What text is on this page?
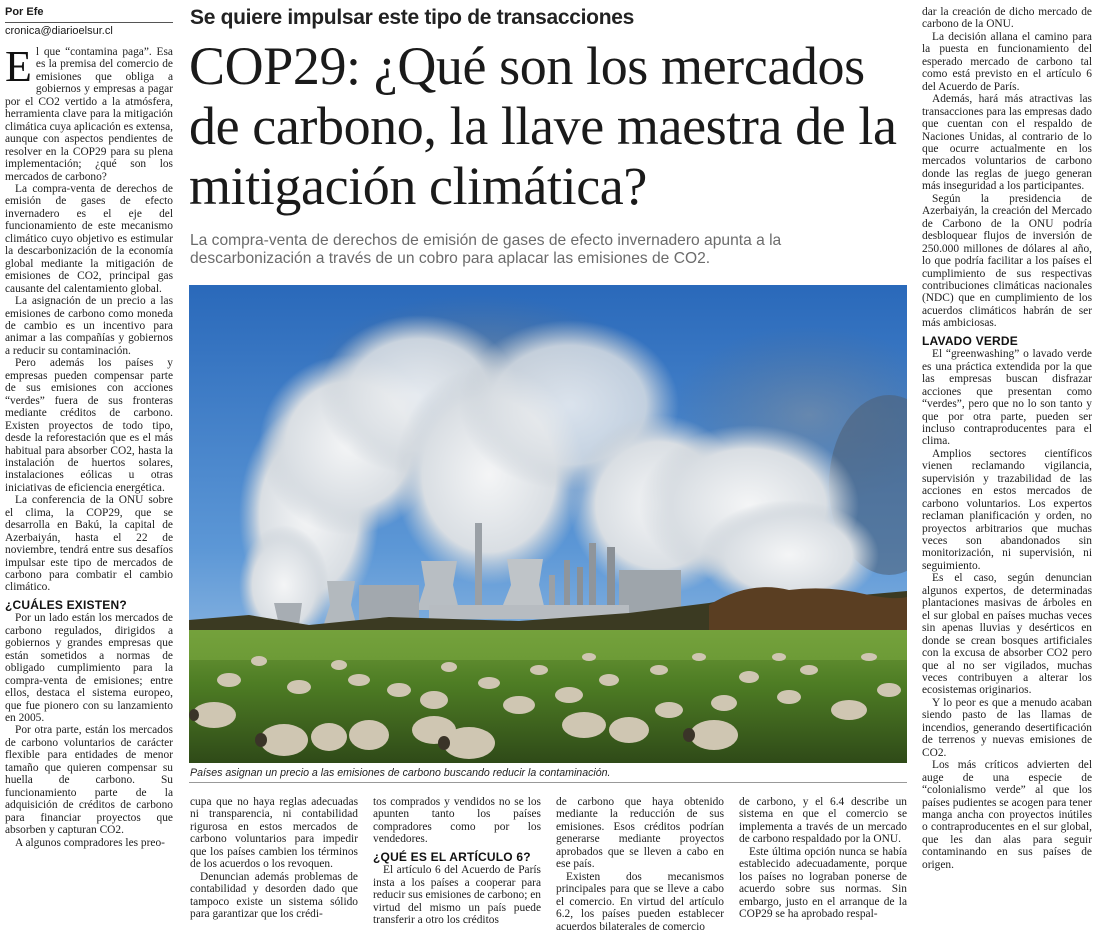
Por Efe
cronica@diarioelsur.cl

El que “contamina paga”. Esa es la premisa del comercio de emisiones que obliga a gobiernos y empresas a pagar por el CO2 vertido a la atmósfera, herramienta clave para la mitigación climática cuya aplicación es extensa, aunque con aspectos pendientes de resolver en la COP29 para su plena implementación; ¿qué son los mercados de carbono?

La compra-venta de derechos de emisión de gases de efecto invernadero es el eje del funcionamiento de este mecanismo climático cuyo objetivo es estimular la descarbonización de la economía global mediante la mitigación de emisiones de CO2, principal gas causante del calentamiento global.

La asignación de un precio a las emisiones de carbono como moneda de cambio es un incentivo para animar a las compañías y gobiernos a reducir su contaminación.

Pero además los países y empresas pueden compensar parte de sus emisiones con acciones “verdes” fuera de sus fronteras mediante créditos de carbono. Existen proyectos de todo tipo, desde la reforestación que es el más habitual para absorber CO2, hasta la instalación de huertos solares, instalaciones eólicas u otras iniciativas de eficiencia energética.

La conferencia de la ONU sobre el clima, la COP29, que se desarrolla en Bakú, la capital de Azerbaiyán, hasta el 22 de noviembre, tendrá entre sus desafíos impulsar este tipo de mercados de carbono para combatir el cambio climático.

¿CUÁLES EXISTEN?

Por un lado están los mercados de carbono regulados, dirigidos a gobiernos y grandes empresas que están sometidos a normas de obligado cumplimiento para la compra-venta de emisiones; entre ellos, destaca el sistema europeo, que fue pionero con su lanzamiento en 2005.

Por otra parte, están los mercados de carbono voluntarios de carácter flexible para entidades de menor tamaño que quieren compensar su huella de carbono. Su funcionamiento parte de la adquisición de créditos de carbono para financiar proyectos que absorben y capturan CO2.

A algunos compradores les preo-

Se quiere impulsar este tipo de transacciones
COP29: ¿Qué son los mercados de carbono, la llave maestra de la mitigación climática?
La compra-venta de derechos de emisión de gases de efecto invernadero apunta a la descarbonización a través de un cobro para aplacar las emisiones de CO2.
Países asignan un precio a las emisiones de carbono buscando reducir la contaminación.

cupa que no haya reglas adecuadas ni transparencia, ni contabilidad rigurosa en estos mercados de carbono voluntarios para impedir que los países cambien los términos de los acuerdos o los revoquen.

Denuncian además problemas de contabilidad y desorden dado que tampoco existe un sistema sólido para garantizar que los crédi-

tos comprados y vendidos no se los apunten tanto los países compradores como por los vendedores.

¿QUÉ ES EL ARTÍCULO 6?

El artículo 6 del Acuerdo de París insta a los países a cooperar para reducir sus emisiones de carbono; en virtud del mismo un país puede transferir a otro los créditos

de carbono que haya obtenido mediante la reducción de sus emisiones. Esos créditos podrían generarse mediante proyectos aprobados que se lleven a cabo en ese país.

Existen dos mecanismos principales para que se lleve a cabo el comercio. En virtud del artículo 6.2, los países pueden establecer acuerdos bilaterales de comercio

de carbono, y el 6.4 describe un sistema en que el comercio se implementa a través de un mercado de carbono respaldado por la ONU.

Este última opción nunca se había establecido adecuadamente, porque los países no lograban ponerse de acuerdo sobre sus normas. Sin embargo, justo en el arranque de la COP29 se ha aprobado respal-

dar la creación de dicho mercado de carbono de la ONU.

La decisión allana el camino para la puesta en funcionamiento del esperado mercado de carbono tal como está previsto en el artículo 6 del Acuerdo de París.

Además, hará más atractivas las transacciones para las empresas dado que cuentan con el respaldo de Naciones Unidas, al contrario de lo que ocurre actualmente en los mercados voluntarios de carbono donde las reglas de juego generan más inseguridad a los participantes.

Según la presidencia de Azerbaiyán, la creación del Mercado de Carbono de la ONU podría desbloquear flujos de inversión de 250.000 millones de dólares al año, lo que podría facilitar a los países el cumplimiento de sus respectivas contribuciones climáticas nacionales (NDC) que en cumplimiento de los acuerdos climáticos habrán de ser más ambiciosas.

LAVADO VERDE

El “greenwashing” o lavado verde es una práctica extendida por la que las empresas buscan disfrazar acciones que presentan como “verdes”, pero que no lo son tanto y que por otra parte, pueden ser incluso contraproducentes para el clima.

Amplios sectores científicos vienen reclamando vigilancia, supervisión y trazabilidad de las acciones en estos mercados de carbono voluntarios. Los expertos reclaman planificación y orden, no proyectos arbitrarios que muchas veces son abandonados sin monitorización, ni supervisión, ni seguimiento.

Es el caso, según denuncian algunos expertos, de determinadas plantaciones masivas de árboles en el sur global en países muchas veces sin apenas lluvias y desérticos en donde se crean bosques artificiales con la excusa de absorber CO2 pero que al no ser vigilados, muchas veces contribuyen a alterar los ecosistemas originarios.

Y lo peor es que a menudo acaban siendo pasto de las llamas de incendios, generando desertificación de terrenos y nuevas emisiones de CO2.

Los más críticos advierten del auge de una especie de “colonialismo verde” al que los países pudientes se acogen para tener manga ancha con proyectos inútiles o contraproducentes en el sur global, que les dan alas para seguir contaminando en sus países de origen.
